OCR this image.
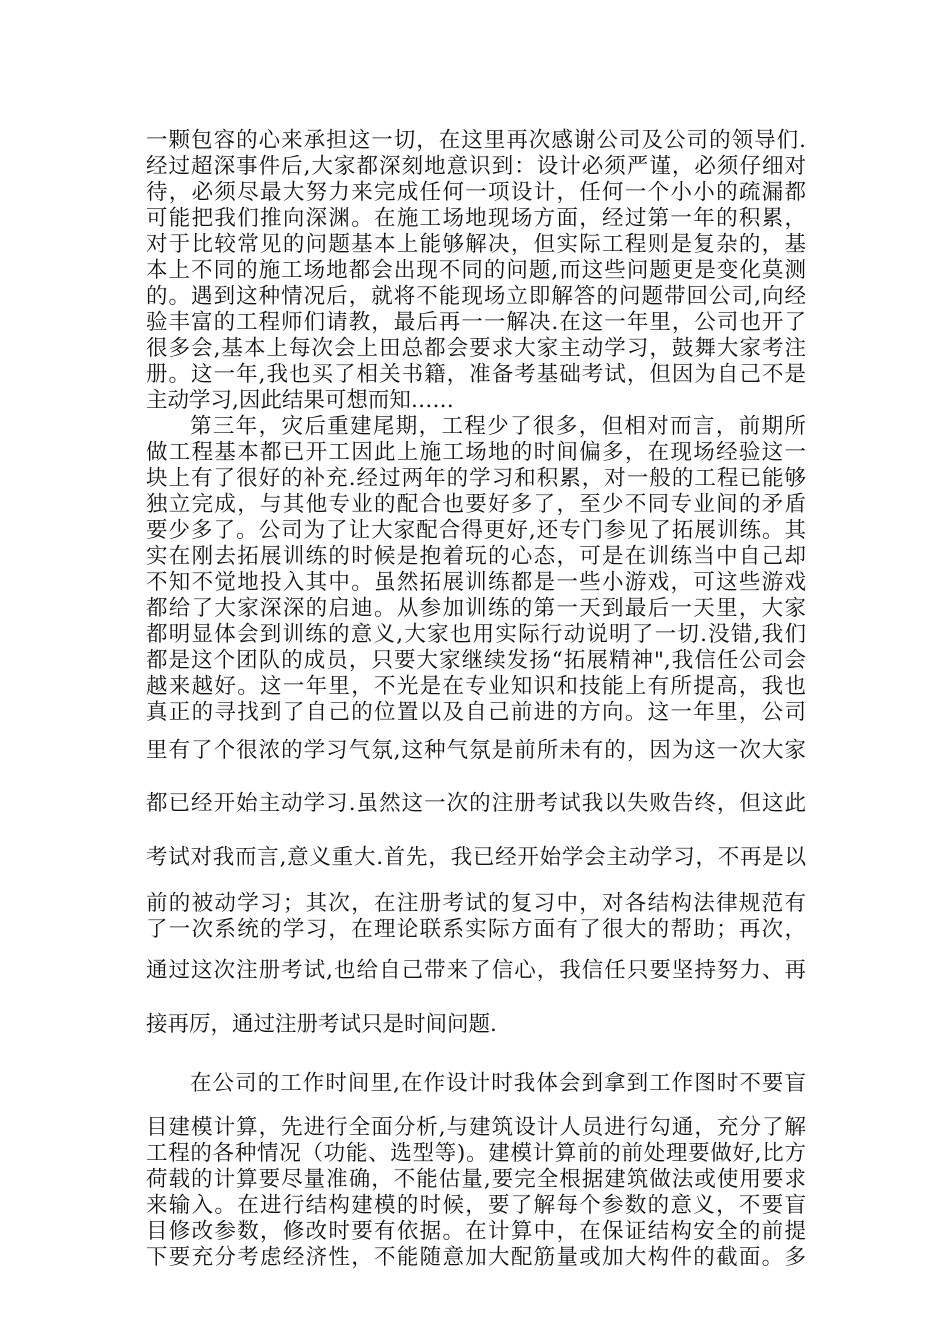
一颗包容的心来承担这一切，在这里再次感谢公司及公司的领导们.
经过超深事件后,大家都深刻地意识到：设计必须严谨，必须仔细对
待，必须尽最大努力来完成任何一项设计，任何一个小小的疏漏都
可能把我们推向深渊。在施工场地现场方面，经过第一年的积累，
对于比较常见的问题基本上能够解决，但实际工程则是复杂的，基
本上不同的施工场地都会出现不同的问题,而这些问题更是变化莫测
的。遇到这种情况后，就将不能现场立即解答的问题带回公司,向经
验丰富的工程师们请教，最后再一一解决.在这一年里，公司也开了
很多会,基本上每次会上田总都会要求大家主动学习，鼓舞大家考注
册。这一年,我也买了相关书籍，准备考基础考试，但因为自己不是
主动学习,因此结果可想而知……
第三年，灾后重建尾期，工程少了很多，但相对而言，前期所
做工程基本都已开工因此上施工场地的时间偏多，在现场经验这一
块上有了很好的补充.经过两年的学习和积累，对一般的工程已能够
独立完成，与其他专业的配合也要好多了，至少不同专业间的矛盾
要少多了。公司为了让大家配合得更好,还专门参见了拓展训练。其
实在刚去拓展训练的时候是抱着玩的心态，可是在训练当中自己却
不知不觉地投入其中。虽然拓展训练都是一些小游戏，可这些游戏
都给了大家深深的启迪。从参加训练的第一天到最后一天里，大家
都明显体会到训练的意义,大家也用实际行动说明了一切.没错,我们
都是这个团队的成员，只要大家继续发扬“拓展精神",我信任公司会
越来越好。这一年里，不光是在专业知识和技能上有所提高，我也
真正的寻找到了自己的位置以及自己前进的方向。这一年里，公司
里有了个很浓的学习气氛,这种气氛是前所未有的，因为这一次大家
都已经开始主动学习.虽然这一次的注册考试我以失败告终，但这此
考试对我而言,意义重大.首先，我已经开始学会主动学习，不再是以
前的被动学习；其次，在注册考试的复习中，对各结构法律规范有
了一次系统的学习，在理论联系实际方面有了很大的帮助；再次，
通过这次注册考试,也给自己带来了信心，我信任只要坚持努力、再
接再厉，通过注册考试只是时间问题.
在公司的工作时间里,在作设计时我体会到拿到工作图时不要盲
目建模计算，先进行全面分析,与建筑设计人员进行勾通，充分了解
工程的各种情况（功能、选型等)。建模计算前的前处理要做好,比方
荷载的计算要尽量准确，不能估量,要完全根据建筑做法或使用要求
来输入。在进行结构建模的时候，要了解每个参数的意义，不要盲
目修改参数，修改时要有依据。在计算中，在保证结构安全的前提
下要充分考虑经济性，不能随意加大配筋量或加大构件的截面。多
